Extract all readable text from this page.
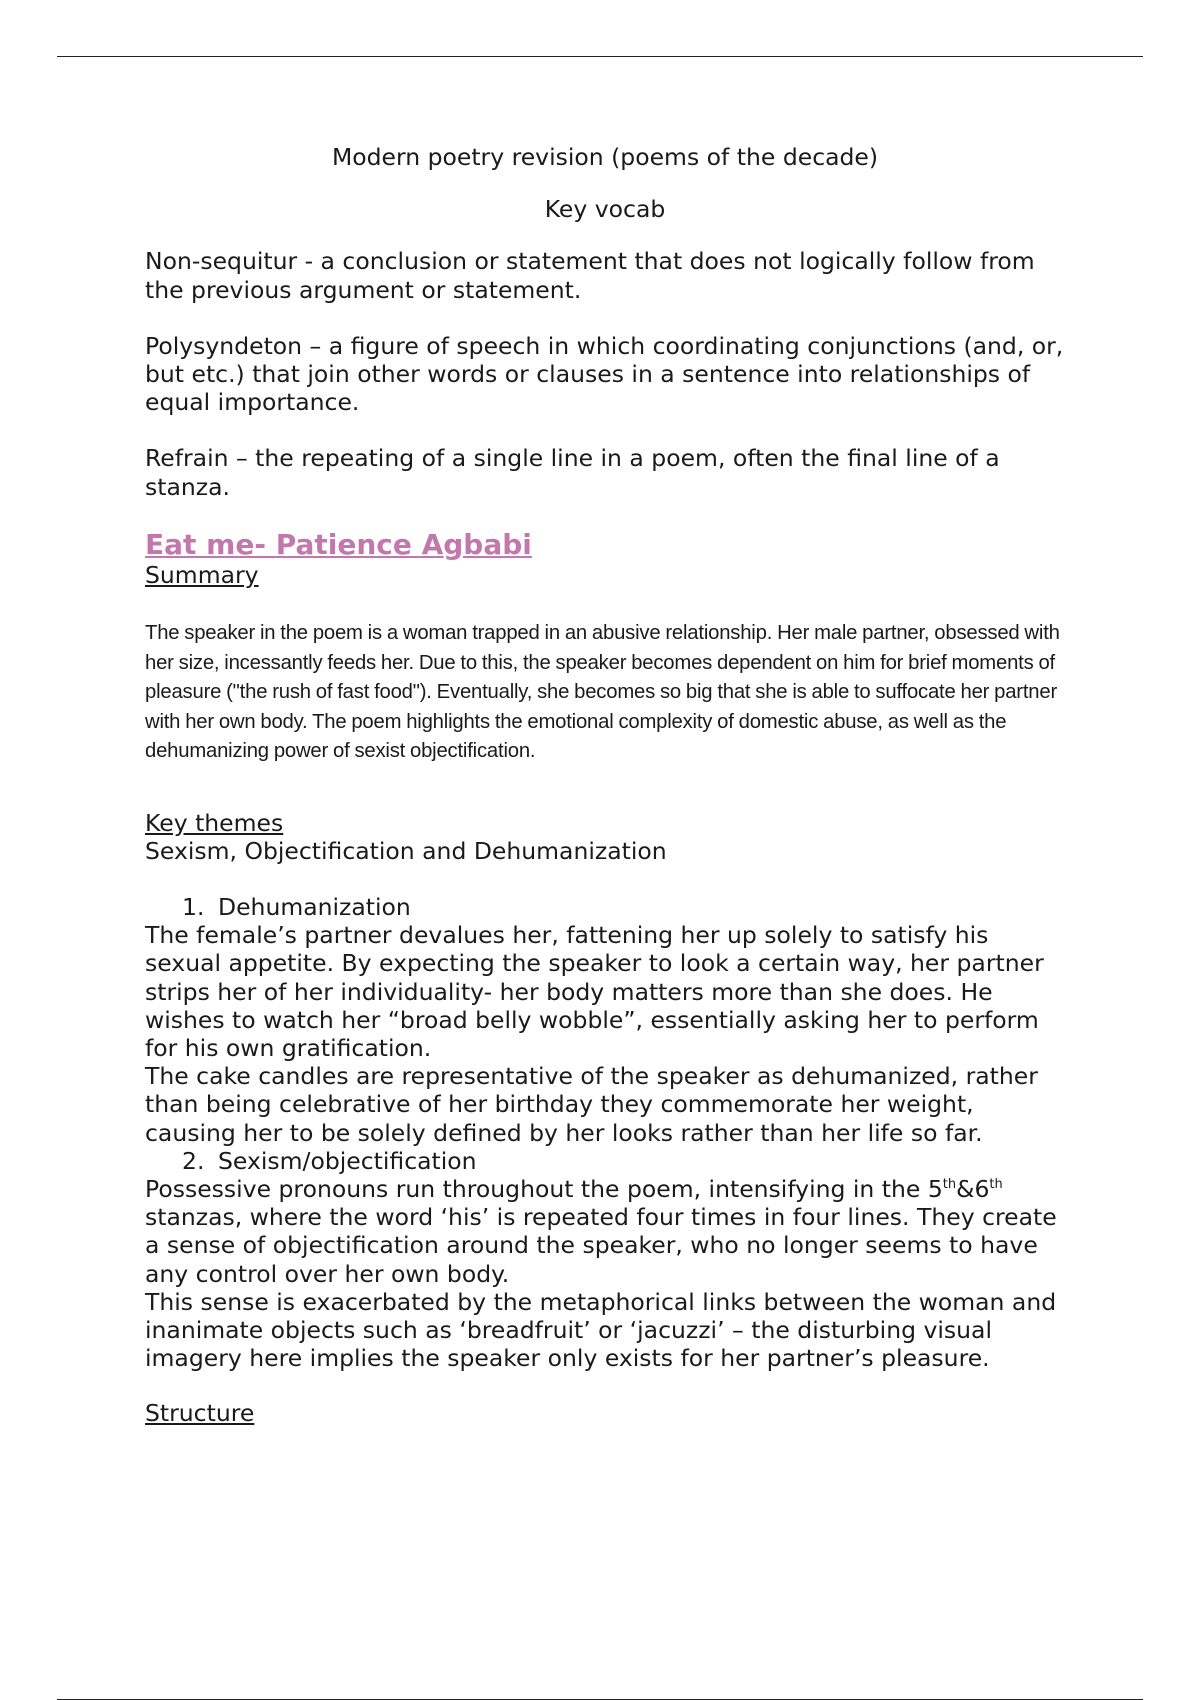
Modern poetry revision (poems of the decade)

Key vocab

Non-sequitur - a conclusion or statement that does not logically follow from the previous argument or statement.

Polysyndeton – a figure of speech in which coordinating conjunctions (and, or, but etc.) that join other words or clauses in a sentence into relationships of equal importance.

Refrain – the repeating of a single line in a poem, often the final line of a stanza.

Eat me- Patience Agbabi

Summary

The speaker in the poem is a woman trapped in an abusive relationship. Her male partner, obsessed with her size, incessantly feeds her. Due to this, the speaker becomes dependent on him for brief moments of pleasure ("the rush of fast food"). Eventually, she becomes so big that she is able to suffocate her partner with her own body. The poem highlights the emotional complexity of domestic abuse, as well as the dehumanizing power of sexist objectification.

Key themes

Sexism, Objectification and Dehumanization

1. Dehumanization

The female’s partner devalues her, fattening her up solely to satisfy his sexual appetite. By expecting the speaker to look a certain way, her partner strips her of her individuality- her body matters more than she does. He wishes to watch her “broad belly wobble”, essentially asking her to perform for his own gratification.

The cake candles are representative of the speaker as dehumanized, rather than being celebrative of her birthday they commemorate her weight, causing her to be solely defined by her looks rather than her life so far.

2. Sexism/objectification

Possessive pronouns run throughout the poem, intensifying in the 5th&6th stanzas, where the word ‘his’ is repeated four times in four lines. They create a sense of objectification around the speaker, who no longer seems to have any control over her own body.

This sense is exacerbated by the metaphorical links between the woman and inanimate objects such as ‘breadfruit’ or ‘jacuzzi’ – the disturbing visual imagery here implies the speaker only exists for her partner’s pleasure.

Structure
